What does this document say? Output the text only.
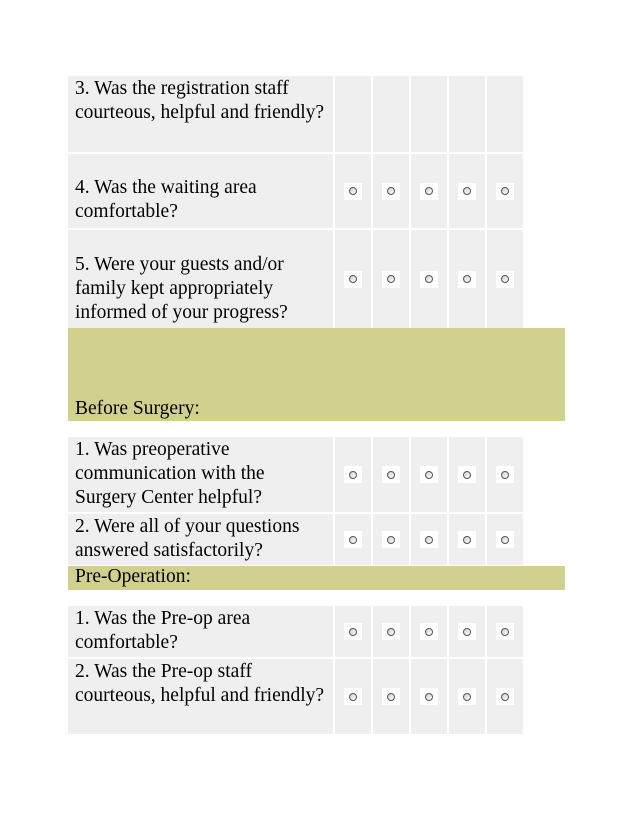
3. Was the registration staff courteous, helpful and friendly?
4. Was the waiting area comfortable?
5. Were your guests and/or family kept appropriately informed of your progress?
Before Surgery:
1. Was preoperative communication with the Surgery Center helpful?
2. Were all of your questions answered satisfactorily?
Pre-Operation:
1. Was the Pre-op area comfortable?
2. Was the Pre-op staff courteous, helpful and friendly?
